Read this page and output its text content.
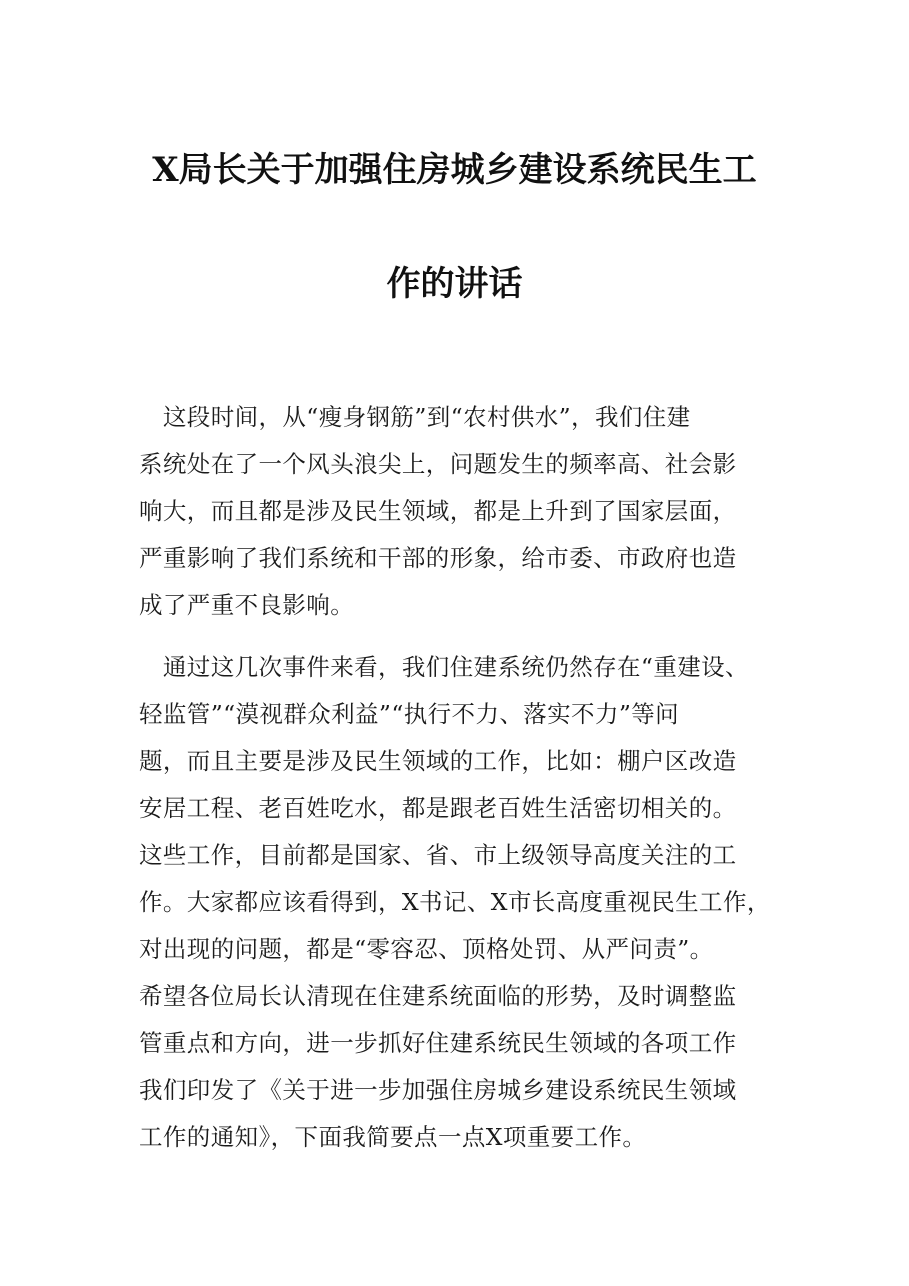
X局长关于加强住房城乡建设系统民生工
作的讲话
　这段时间，从“瘦身钢筋”到“农村供水”，我们住建
系统处在了一个风头浪尖上，问题发生的频率高、社会影
响大，而且都是涉及民生领域，都是上升到了国家层面，
严重影响了我们系统和干部的形象，给市委、市政府也造
成了严重不良影响。
　通过这几次事件来看，我们住建系统仍然存在“重建设、
轻监管”“漠视群众利益”“执行不力、落实不力”等问
题，而且主要是涉及民生领域的工作，比如：棚户区改造
安居工程、老百姓吃水，都是跟老百姓生活密切相关的。
这些工作，目前都是国家、省、市上级领导高度关注的工
作。大家都应该看得到，X书记、X市长高度重视民生工作，
对出现的问题，都是“零容忍、顶格处罚、从严问责”。
希望各位局长认清现在住建系统面临的形势，及时调整监
管重点和方向，进一步抓好住建系统民生领域的各项工作
我们印发了《关于进一步加强住房城乡建设系统民生领域
工作的通知》，下面我简要点一点X项重要工作。
